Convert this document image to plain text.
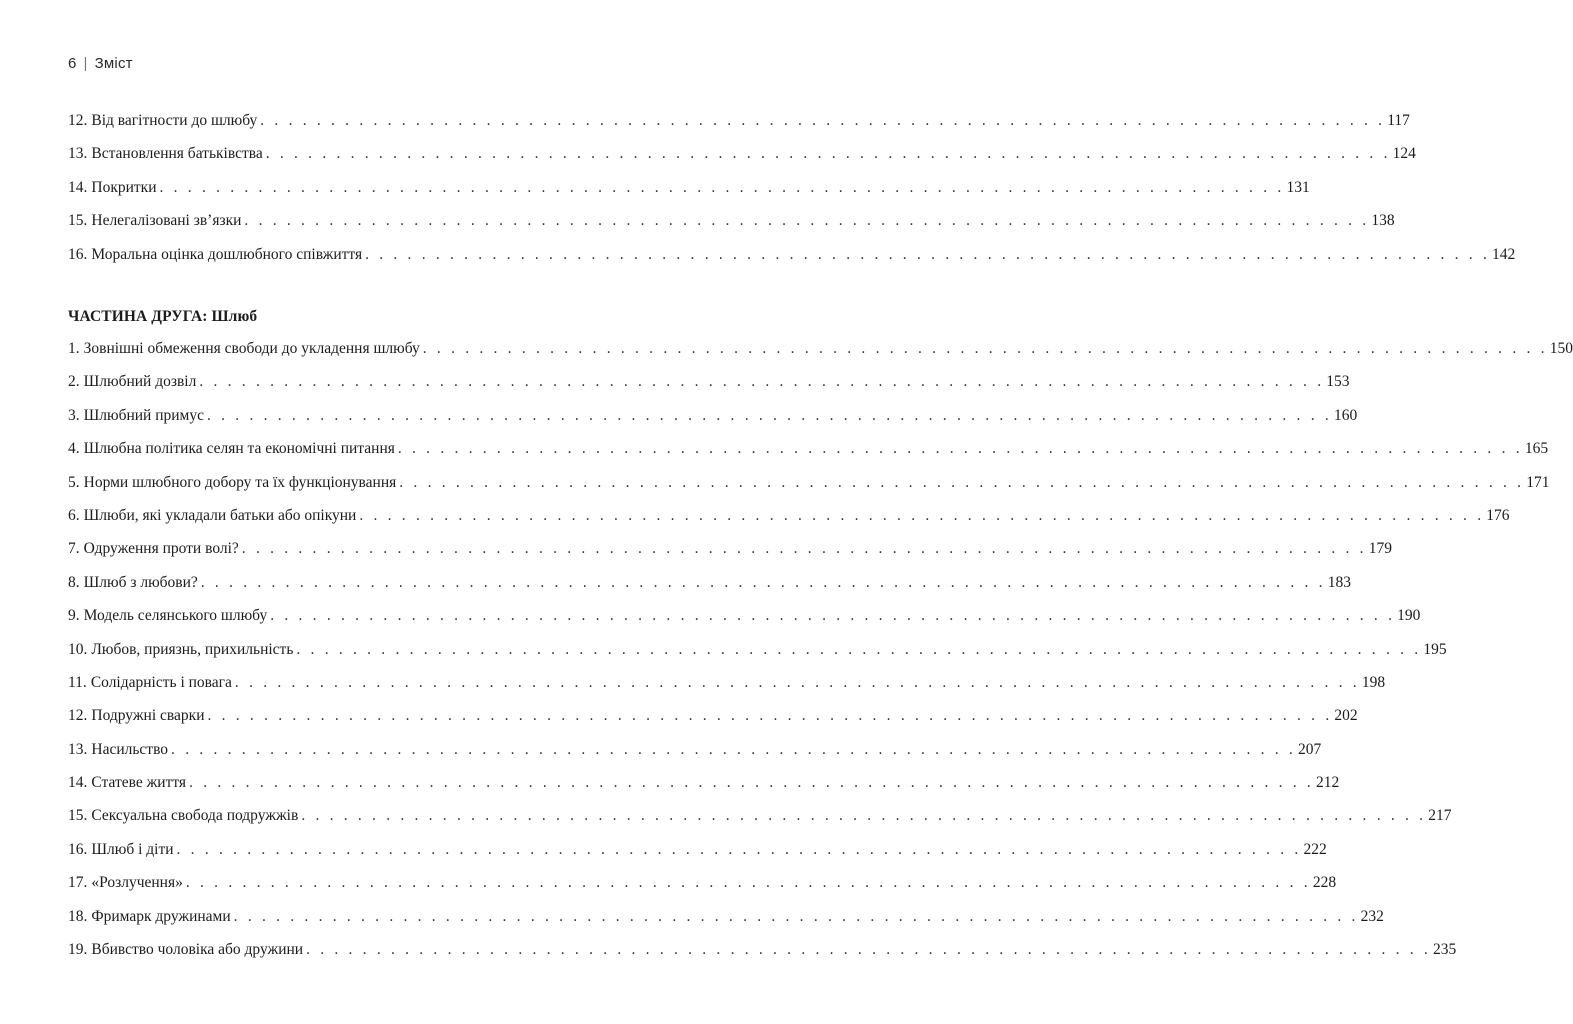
6 | Зміст
12. Від вагітности до шлюбу . . . . . . . . . . . . . . . . . . . . . . . . . . . . . . . . . . . . . . . . . . . . . . . . . . . . . . . . . . . . . . . . . . . . . . . . . . . . . . . . 117
13. Встановлення батьківства . . . . . . . . . . . . . . . . . . . . . . . . . . . . . . . . . . . . . . . . . . . . . . . . . . . . . . . . . . . . . . . . . . . . . . . . . . . . . . . . 124
14. Покритки . . . . . . . . . . . . . . . . . . . . . . . . . . . . . . . . . . . . . . . . . . . . . . . . . . . . . . . . . . . . . . . . . . . . . . . . . . . . . . . . 131
15. Нелегалізовані зв’язки . . . . . . . . . . . . . . . . . . . . . . . . . . . . . . . . . . . . . . . . . . . . . . . . . . . . . . . . . . . . . . . . . . . . . . . . . . . . . . . . 138
16. Моральна оцінка дошлюбного співжиття . . . . . . . . . . . . . . . . . . . . . . . . . . . . . . . . . . . . . . . . . . . . . . . . . . . . . . . . . . . . . . . . . . . . . . . . . . . . . . . . 142
ЧАСТИНА ДРУГА: Шлюб
1. Зовнішні обмеження свободи до укладення шлюбу . . . . . . . . . . . . . . . . . . . . . . . . . . . . . . . . . . . . . . . . . . . . . . . . . . . . . . . . . . . . . . . . . . . . . . . . . . . . . . . . 150
2. Шлюбний дозвіл . . . . . . . . . . . . . . . . . . . . . . . . . . . . . . . . . . . . . . . . . . . . . . . . . . . . . . . . . . . . . . . . . . . . . . . . . . . . . . . . 153
3. Шлюбний примус . . . . . . . . . . . . . . . . . . . . . . . . . . . . . . . . . . . . . . . . . . . . . . . . . . . . . . . . . . . . . . . . . . . . . . . . . . . . . . . . 160
4. Шлюбна політика селян та економічні питання . . . . . . . . . . . . . . . . . . . . . . . . . . . . . . . . . . . . . . . . . . . . . . . . . . . . . . . . . . . . . . . . . . . . . . . . . . . . . . . . 165
5. Норми шлюбного добору та їх функціонування . . . . . . . . . . . . . . . . . . . . . . . . . . . . . . . . . . . . . . . . . . . . . . . . . . . . . . . . . . . . . . . . . . . . . . . . . . . . . . . . 171
6. Шлюби, які укладали батьки або опікуни . . . . . . . . . . . . . . . . . . . . . . . . . . . . . . . . . . . . . . . . . . . . . . . . . . . . . . . . . . . . . . . . . . . . . . . . . . . . . . . . 176
7. Одруження проти волі? . . . . . . . . . . . . . . . . . . . . . . . . . . . . . . . . . . . . . . . . . . . . . . . . . . . . . . . . . . . . . . . . . . . . . . . . . . . . . . . . 179
8. Шлюб з любови? . . . . . . . . . . . . . . . . . . . . . . . . . . . . . . . . . . . . . . . . . . . . . . . . . . . . . . . . . . . . . . . . . . . . . . . . . . . . . . . . 183
9. Модель селянського шлюбу . . . . . . . . . . . . . . . . . . . . . . . . . . . . . . . . . . . . . . . . . . . . . . . . . . . . . . . . . . . . . . . . . . . . . . . . . . . . . . . . 190
10. Любов, приязнь, прихильність . . . . . . . . . . . . . . . . . . . . . . . . . . . . . . . . . . . . . . . . . . . . . . . . . . . . . . . . . . . . . . . . . . . . . . . . . . . . . . . . 195
11. Солідарність і повага . . . . . . . . . . . . . . . . . . . . . . . . . . . . . . . . . . . . . . . . . . . . . . . . . . . . . . . . . . . . . . . . . . . . . . . . . . . . . . . . 198
12. Подружні сварки . . . . . . . . . . . . . . . . . . . . . . . . . . . . . . . . . . . . . . . . . . . . . . . . . . . . . . . . . . . . . . . . . . . . . . . . . . . . . . . . 202
13. Насильство . . . . . . . . . . . . . . . . . . . . . . . . . . . . . . . . . . . . . . . . . . . . . . . . . . . . . . . . . . . . . . . . . . . . . . . . . . . . . . . . 207
14. Статеве життя . . . . . . . . . . . . . . . . . . . . . . . . . . . . . . . . . . . . . . . . . . . . . . . . . . . . . . . . . . . . . . . . . . . . . . . . . . . . . . . . 212
15. Сексуальна свобода подружжів . . . . . . . . . . . . . . . . . . . . . . . . . . . . . . . . . . . . . . . . . . . . . . . . . . . . . . . . . . . . . . . . . . . . . . . . . . . . . . . . 217
16. Шлюб і діти . . . . . . . . . . . . . . . . . . . . . . . . . . . . . . . . . . . . . . . . . . . . . . . . . . . . . . . . . . . . . . . . . . . . . . . . . . . . . . . . 222
17. «Розлучення» . . . . . . . . . . . . . . . . . . . . . . . . . . . . . . . . . . . . . . . . . . . . . . . . . . . . . . . . . . . . . . . . . . . . . . . . . . . . . . . . 228
18. Фримарк дружинами . . . . . . . . . . . . . . . . . . . . . . . . . . . . . . . . . . . . . . . . . . . . . . . . . . . . . . . . . . . . . . . . . . . . . . . . . . . . . . . . 232
19. Вбивство чоловіка або дружини . . . . . . . . . . . . . . . . . . . . . . . . . . . . . . . . . . . . . . . . . . . . . . . . . . . . . . . . . . . . . . . . . . . . . . . . . . . . . . . . 235
